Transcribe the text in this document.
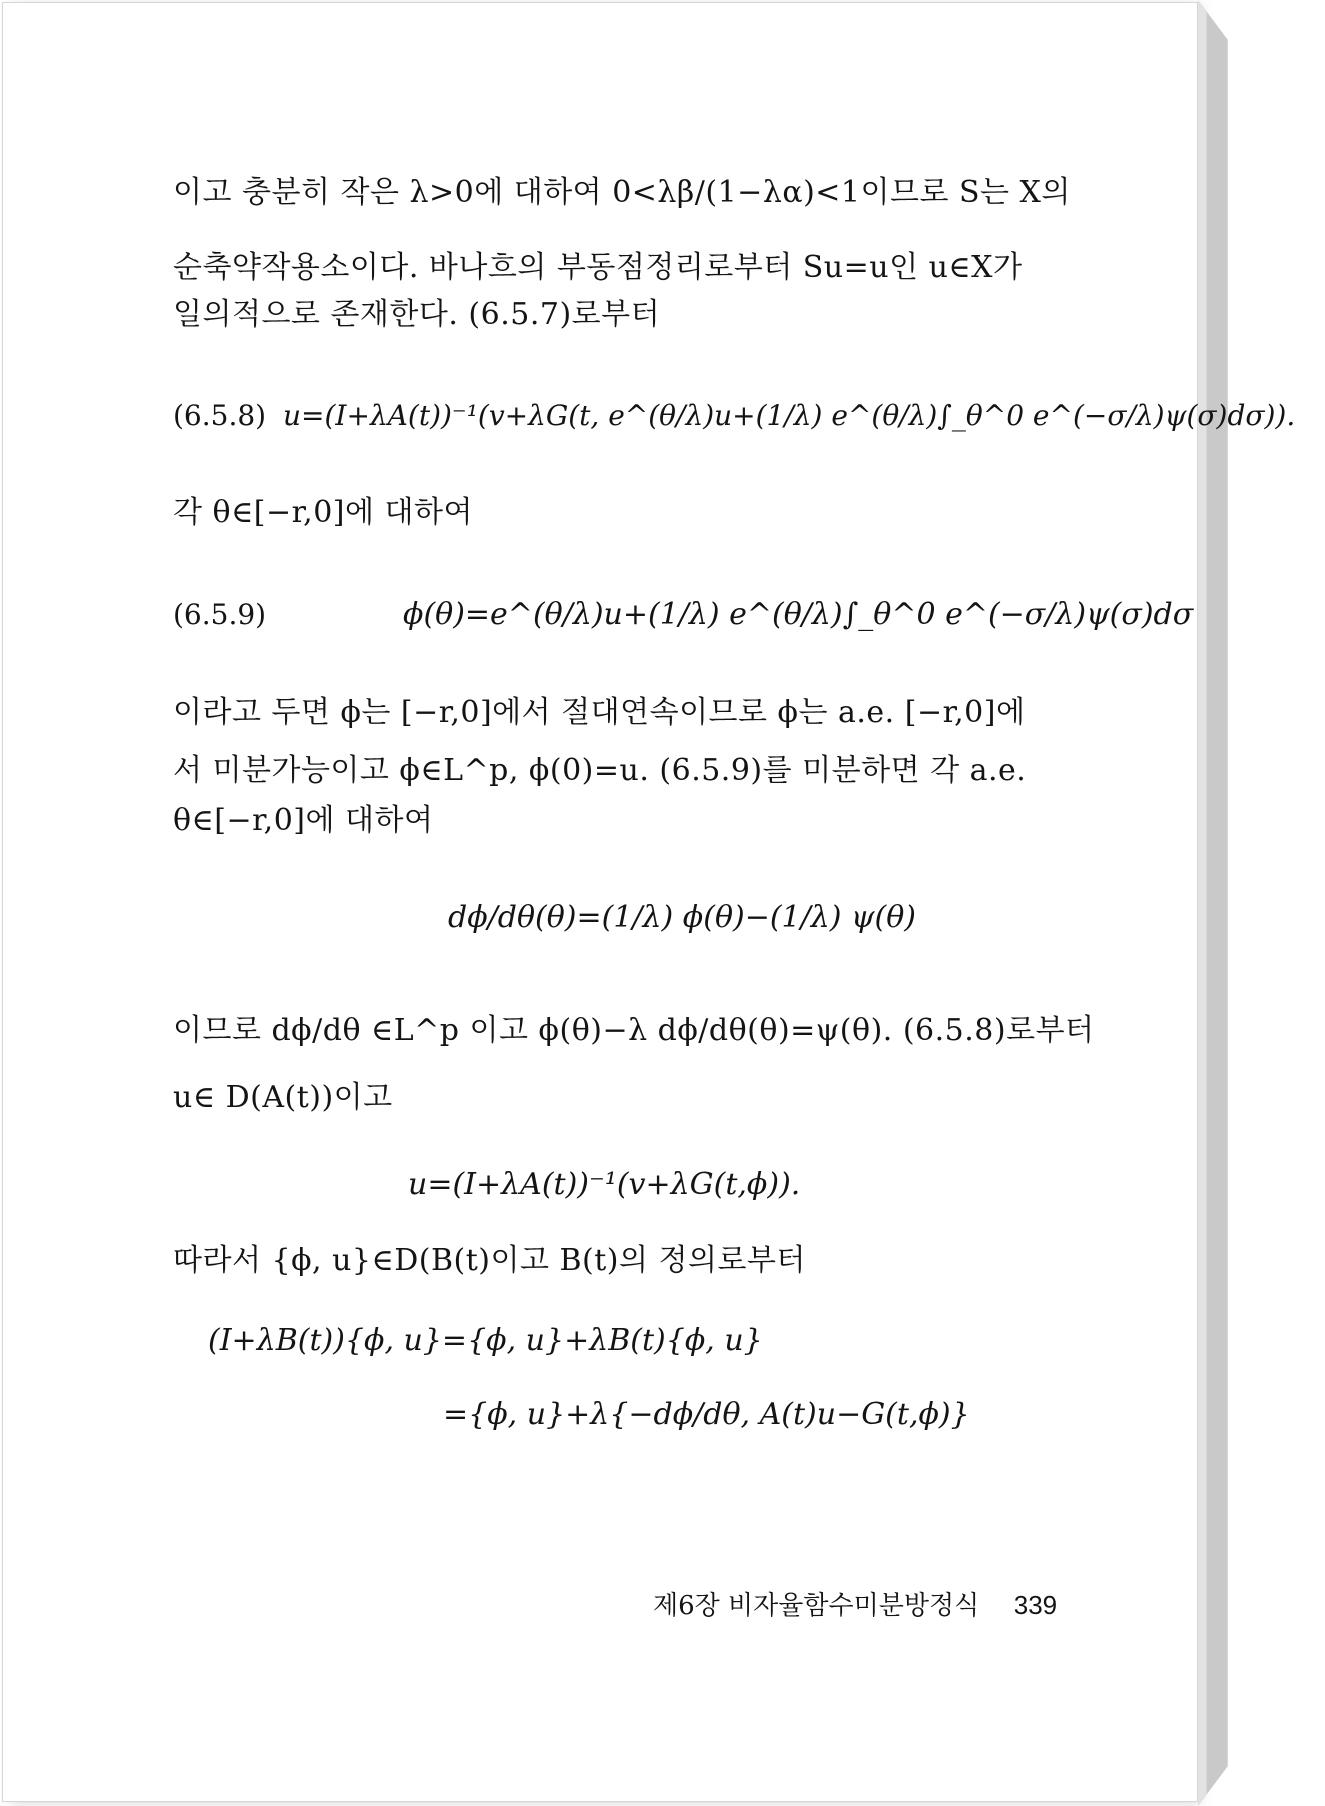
이고 충분히 작은 λ>0에 대하여 0<λβ/(1−λα)<1이므로 S는 X의

순축약작용소이다. 바나흐의 부동점정리로부터 Su=u인 u∈X가

일의적으로 존재한다. (6.5.7)로부터

(6.5.8) u=(I+λA(t))⁻¹(v+λG(t, e^(θ/λ)u+(1/λ) e^(θ/λ)∫_θ^0 e^(−σ/λ)ψ(σ)dσ)).

각 θ∈[−r,0]에 대하여

(6.5.9)	ϕ(θ)=e^(θ/λ)u+(1/λ) e^(θ/λ)∫_θ^0 e^(−σ/λ)ψ(σ)dσ

이라고 두면 ϕ는 [−r,0]에서 절대연속이므로 ϕ는 a.e. [−r,0]에

서 미분가능이고 ϕ∈L^p, ϕ(0)=u. (6.5.9)를 미분하면 각 a.e.

θ∈[−r,0]에 대하여

dϕ/dθ(θ)=(1/λ) ϕ(θ)−(1/λ) ψ(θ)

이므로 dϕ/dθ ∈L^p 이고 ϕ(θ)−λ dϕ/dθ(θ)=ψ(θ). (6.5.8)로부터

u∈ D(A(t))이고

u=(I+λA(t))⁻¹(v+λG(t,ϕ)).

따라서 {ϕ, u}∈D(B(t)이고 B(t)의 정의로부터

(I+λB(t)){ϕ, u}={ϕ, u}+λB(t){ϕ, u}

={ϕ, u}+λ{−dϕ/dθ, A(t)u−G(t,ϕ)}

제6장 비자율함수미분방정식 339
